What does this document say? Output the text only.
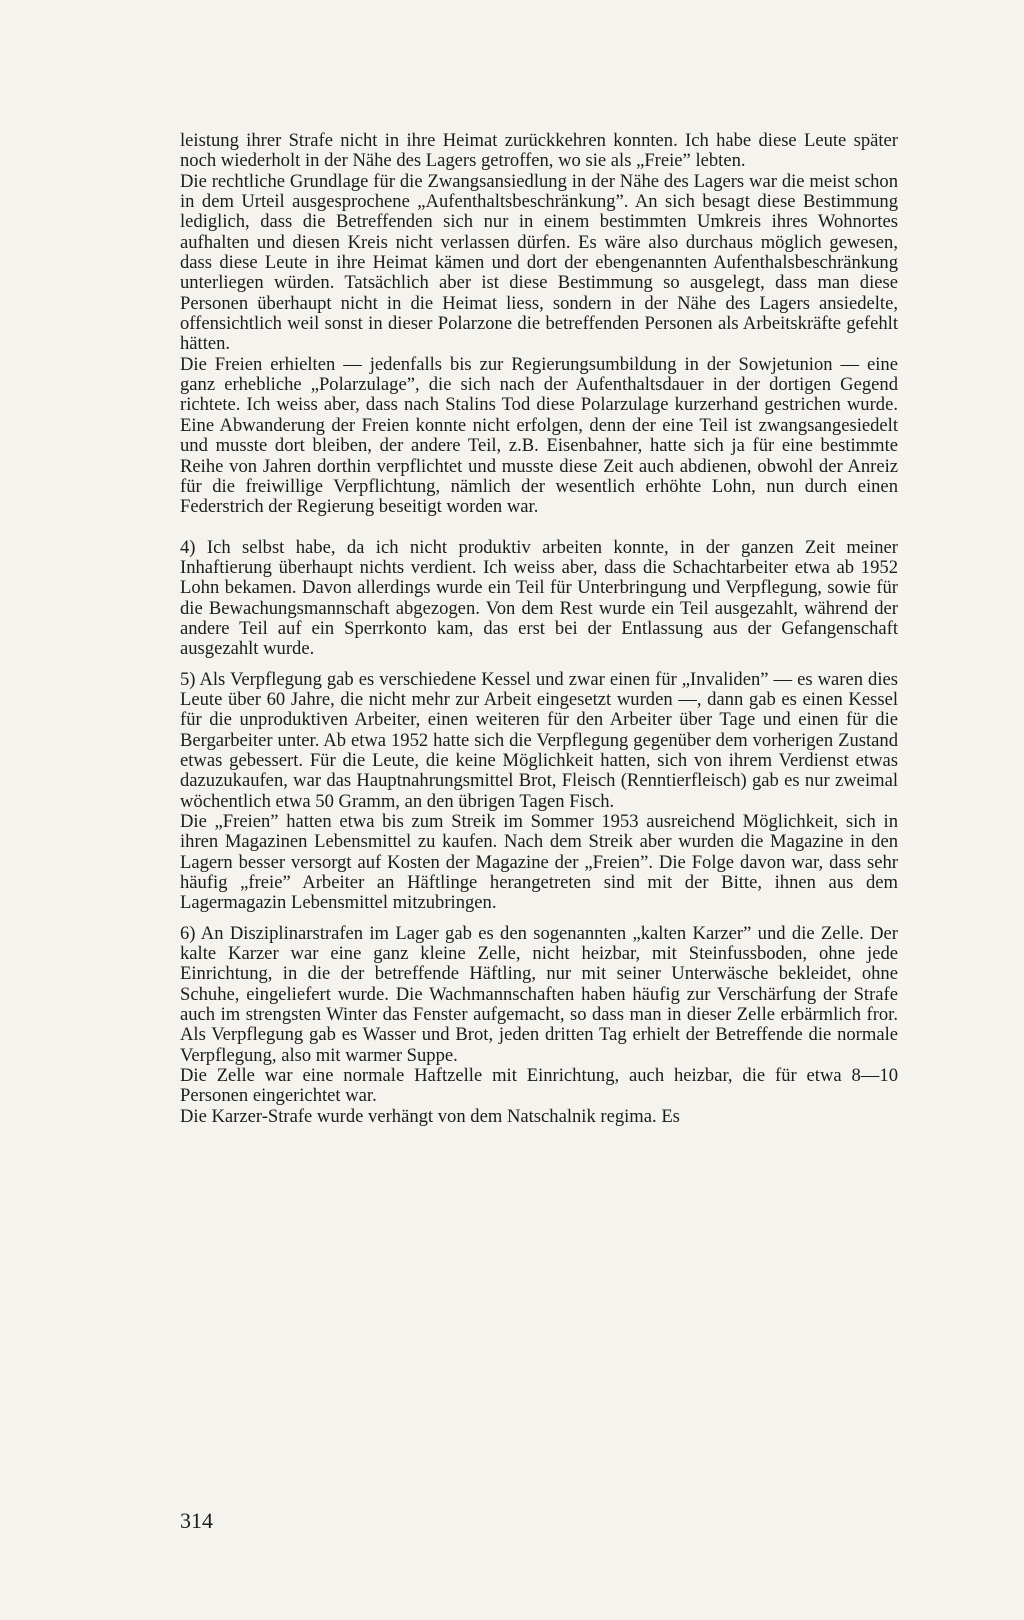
leistung ihrer Strafe nicht in ihre Heimat zurückkehren konnten. Ich habe diese Leute später noch wiederholt in der Nähe des Lagers getroffen, wo sie als „Freie” lebten.

Die rechtliche Grundlage für die Zwangsansiedlung in der Nähe des Lagers war die meist schon in dem Urteil ausgesprochene „Aufenthaltsbeschränkung”. An sich besagt diese Bestimmung lediglich, dass die Betreffenden sich nur in einem bestimmten Umkreis ihres Wohnortes aufhalten und diesen Kreis nicht verlassen dürfen. Es wäre also durchaus möglich gewesen, dass diese Leute in ihre Heimat kämen und dort der ebengenannten Aufenthalsbeschränkung unterliegen würden. Tatsächlich aber ist diese Bestimmung so ausgelegt, dass man diese Personen überhaupt nicht in die Heimat liess, sondern in der Nähe des Lagers ansiedelte, offensichtlich weil sonst in dieser Polarzone die betreffenden Personen als Arbeitskräfte gefehlt hätten.

Die Freien erhielten — jedenfalls bis zur Regierungsumbildung in der Sowjetunion — eine ganz erhebliche „Polarzulage”, die sich nach der Aufenthaltsdauer in der dortigen Gegend richtete. Ich weiss aber, dass nach Stalins Tod diese Polarzulage kurzerhand gestrichen wurde. Eine Abwanderung der Freien konnte nicht erfolgen, denn der eine Teil ist zwangsangesiedelt und musste dort bleiben, der andere Teil, z.B. Eisenbahner, hatte sich ja für eine bestimmte Reihe von Jahren dorthin verpflichtet und musste diese Zeit auch abdienen, obwohl der Anreiz für die freiwillige Verpflichtung, nämlich der wesentlich erhöhte Lohn, nun durch einen Federstrich der Regierung beseitigt worden war.

4) Ich selbst habe, da ich nicht produktiv arbeiten konnte, in der ganzen Zeit meiner Inhaftierung überhaupt nichts verdient. Ich weiss aber, dass die Schachtarbeiter etwa ab 1952 Lohn bekamen. Davon allerdings wurde ein Teil für Unterbringung und Verpflegung, sowie für die Bewachungsmannschaft abgezogen. Von dem Rest wurde ein Teil ausgezahlt, während der andere Teil auf ein Sperrkonto kam, das erst bei der Entlassung aus der Gefangenschaft ausgezahlt wurde.

5) Als Verpflegung gab es verschiedene Kessel und zwar einen für „Invaliden” — es waren dies Leute über 60 Jahre, die nicht mehr zur Arbeit eingesetzt wurden —, dann gab es einen Kessel für die unproduktiven Arbeiter, einen weiteren für den Arbeiter über Tage und einen für die Bergarbeiter unter. Ab etwa 1952 hatte sich die Verpflegung gegenüber dem vorherigen Zustand etwas gebessert. Für die Leute, die keine Möglichkeit hatten, sich von ihrem Verdienst etwas dazuzukaufen, war das Hauptnahrungsmittel Brot, Fleisch (Renntierfleisch) gab es nur zweimal wöchentlich etwa 50 Gramm, an den übrigen Tagen Fisch.

Die „Freien” hatten etwa bis zum Streik im Sommer 1953 ausreichend Möglichkeit, sich in ihren Magazinen Lebensmittel zu kaufen. Nach dem Streik aber wurden die Magazine in den Lagern besser versorgt auf Kosten der Magazine der „Freien”. Die Folge davon war, dass sehr häufig „freie” Arbeiter an Häftlinge herangetreten sind mit der Bitte, ihnen aus dem Lagermagazin Lebensmittel mitzubringen.

6) An Disziplinarstrafen im Lager gab es den sogenannten „kalten Karzer” und die Zelle. Der kalte Karzer war eine ganz kleine Zelle, nicht heizbar, mit Steinfussboden, ohne jede Einrichtung, in die der betreffende Häftling, nur mit seiner Unterwäsche bekleidet, ohne Schuhe, eingeliefert wurde. Die Wachmannschaften haben häufig zur Verschärfung der Strafe auch im strengsten Winter das Fenster aufgemacht, so dass man in dieser Zelle erbärmlich fror. Als Verpflegung gab es Wasser und Brot, jeden dritten Tag erhielt der Betreffende die normale Verpflegung, also mit warmer Suppe.

Die Zelle war eine normale Haftzelle mit Einrichtung, auch heizbar, die für etwa 8—10 Personen eingerichtet war.

Die Karzer-Strafe wurde verhängt von dem Natschalnik regima. Es

314
